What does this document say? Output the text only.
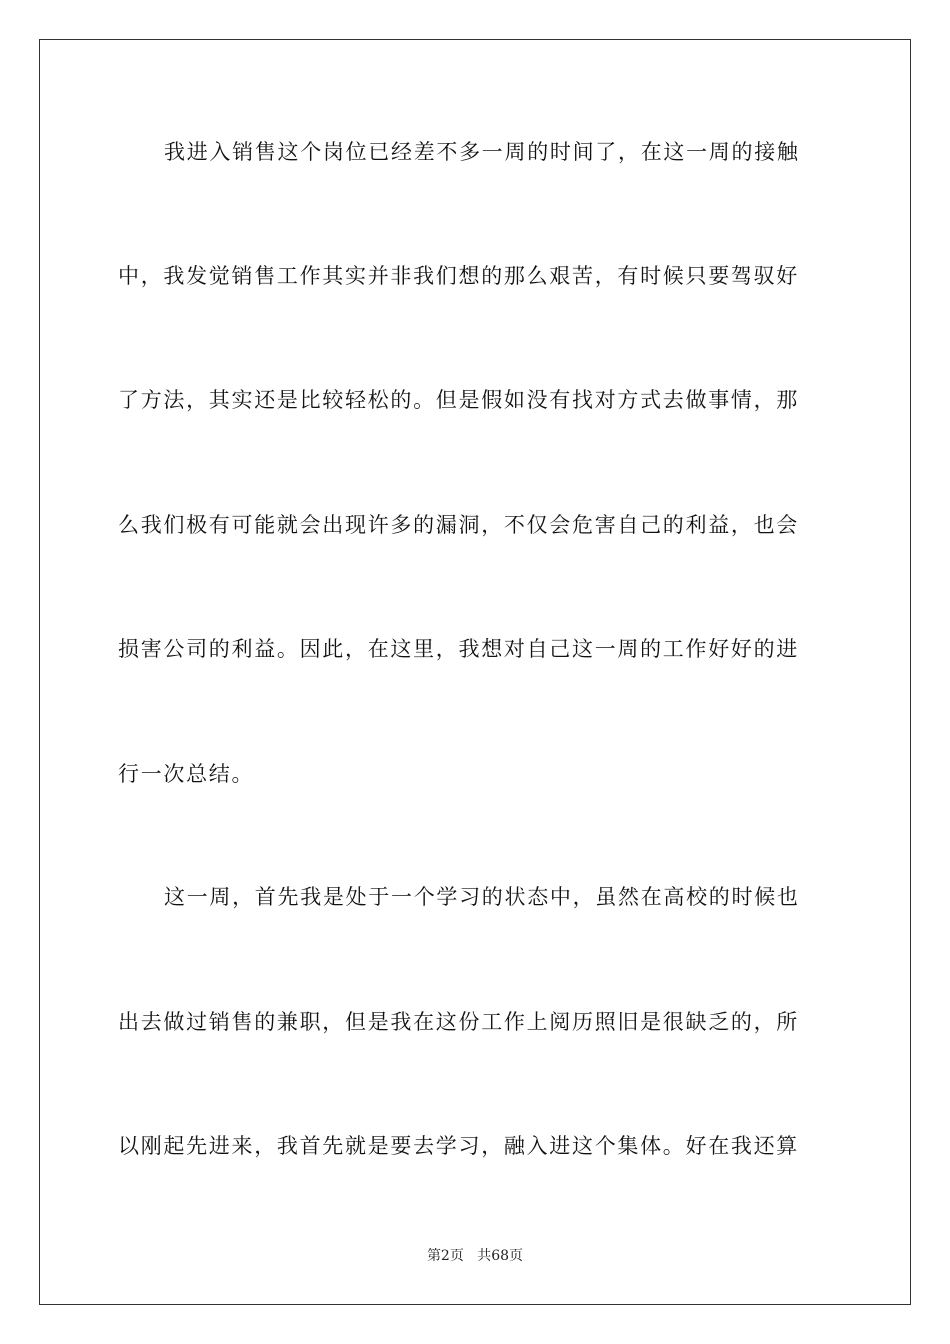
我进入销售这个岗位已经差不多一周的时间了，在这一周的接触
中，我发觉销售工作其实并非我们想的那么艰苦，有时候只要驾驭好
了方法，其实还是比较轻松的。但是假如没有找对方式去做事情，那
么我们极有可能就会出现许多的漏洞，不仅会危害自己的利益，也会
损害公司的利益。因此，在这里，我想对自己这一周的工作好好的进
行一次总结。
这一周，首先我是处于一个学习的状态中，虽然在高校的时候也
出去做过销售的兼职，但是我在这份工作上阅历照旧是很缺乏的，所
以刚起先进来，我首先就是要去学习，融入进这个集体。好在我还算
第2页 共68页
